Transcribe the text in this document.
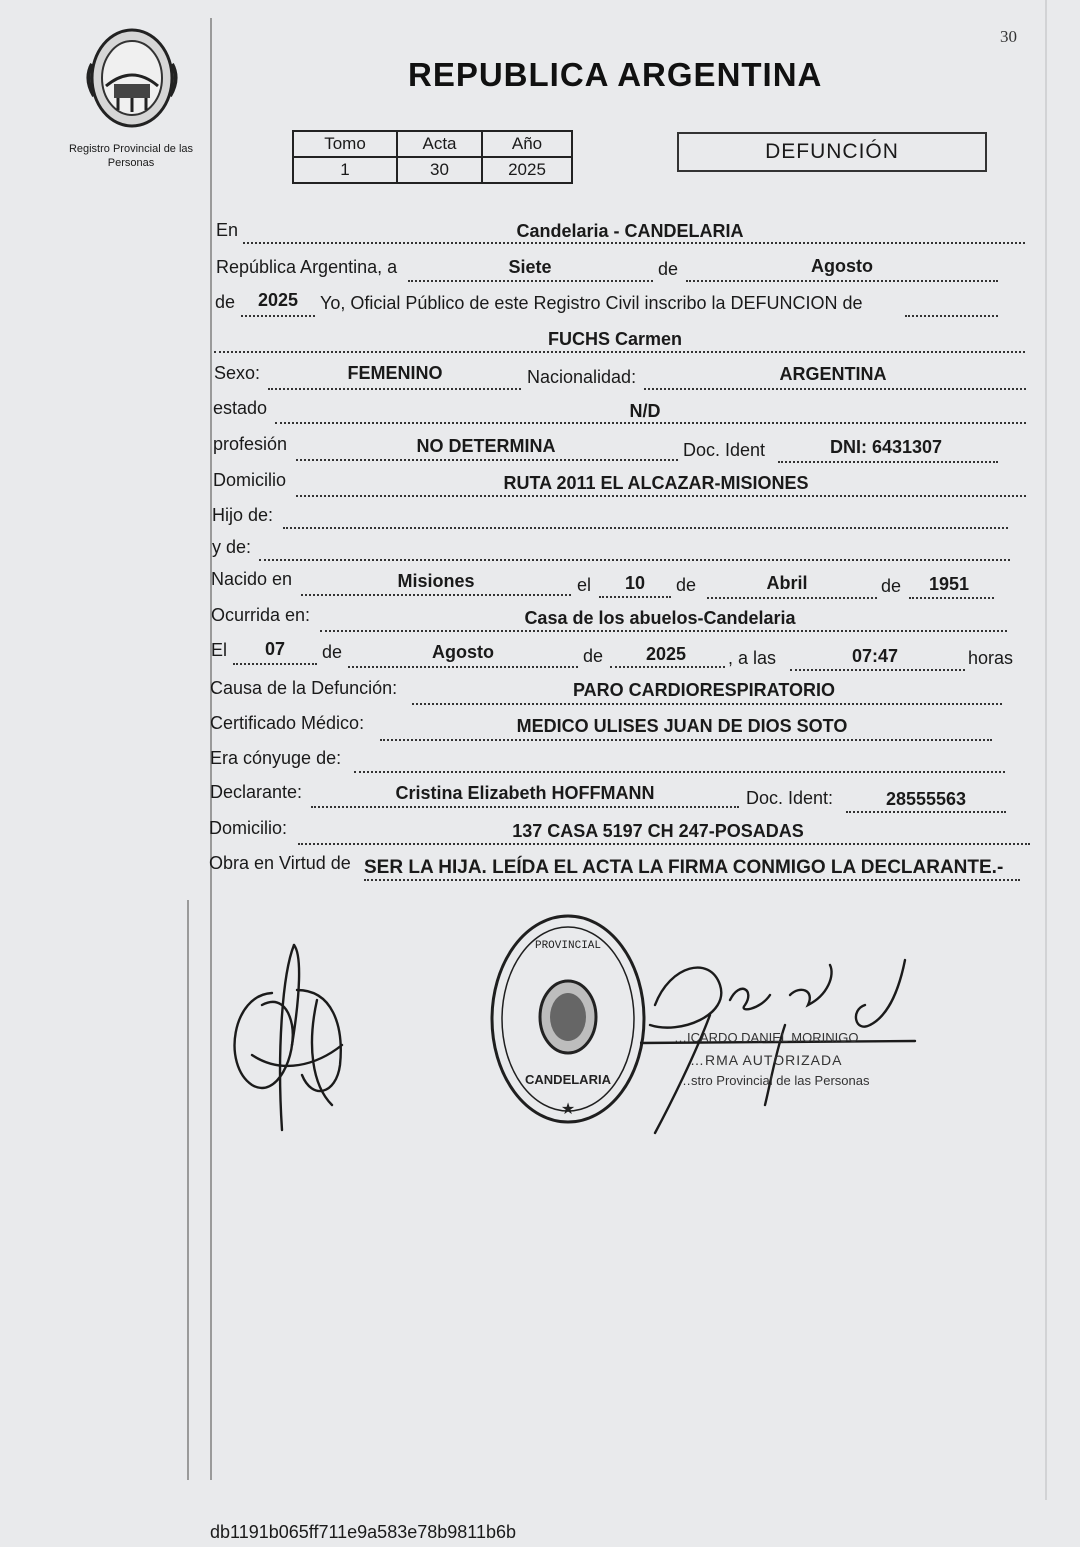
30
Registro Provincial de las Personas
REPUBLICA ARGENTINA
Tomo	Acta	Año
1	30	2025
DEFUNCIÓN
En	Candelaria - CANDELARIA
República Argentina, a	Siete	de	Agosto
de	2025	Yo, Oficial Público de este Registro Civil inscribo la DEFUNCION de
FUCHS Carmen
Sexo:	FEMENINO	Nacionalidad:	ARGENTINA
estado	N/D
profesión	NO DETERMINA	Doc. Ident	DNI: 6431307
Domicilio	RUTA 2011 EL ALCAZAR-MISIONES
Hijo de:
y de:
Nacido en	Misiones	el	10	de	Abril	de	1951
Ocurrida en:	Casa de los abuelos-Candelaria
El	07	de	Agosto	de	2025	, a las	07:47	horas
Causa de la Defunción:	PARO CARDIORESPIRATORIO
Certificado Médico:	MEDICO ULISES JUAN DE DIOS SOTO
Era cónyuge de:
Declarante:	Cristina Elizabeth HOFFMANN	Doc. Ident:	28555563
Domicilio:	137 CASA 5197 CH 247-POSADAS
Obra en Virtud de SER LA HIJA. LEÍDA EL ACTA LA FIRMA CONMIGO LA DECLARANTE.-
PROVINCIAL
CANDELARIA
★
…ICARDO DANIEL MORINIGO
…RMA AUTORIZADA
…stro Provincial de las Personas
db1191b065ff711e9a583e78b9811b6b
